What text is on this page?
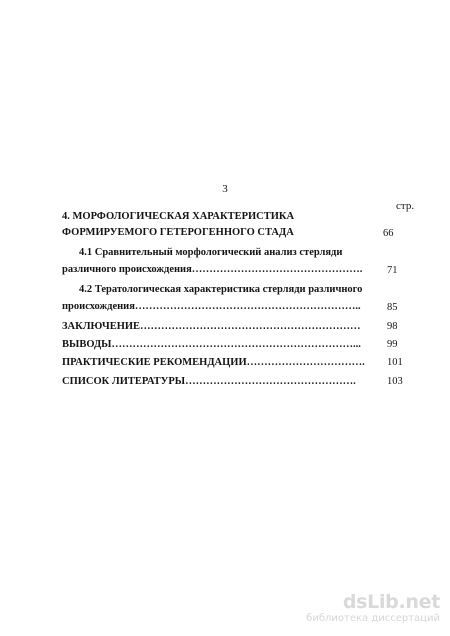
3
стр.
4. МОРФОЛОГИЧЕСКАЯ ХАРАКТЕРИСТИКА
ФОРМИРУЕМОГО ГЕТЕРОГЕННОГО СТАДА	66
4.1 Сравнительный морфологический анализ стерляди
различного происхождения…………………………………………. 71
4.2 Тератологическая характеристика стерляди различного
происхождения………………………………………………………..	85
ЗАКЛЮЧЕНИЕ………………………………………………………	98
ВЫВОДЫ……………………………………………………………... 99
ПРАКТИЧЕСКИЕ РЕКОМЕНДАЦИИ……………………………. 101
СПИСОК ЛИТЕРАТУРЫ………………………………………….	103
dsLib.net
библиотека диссертаций
